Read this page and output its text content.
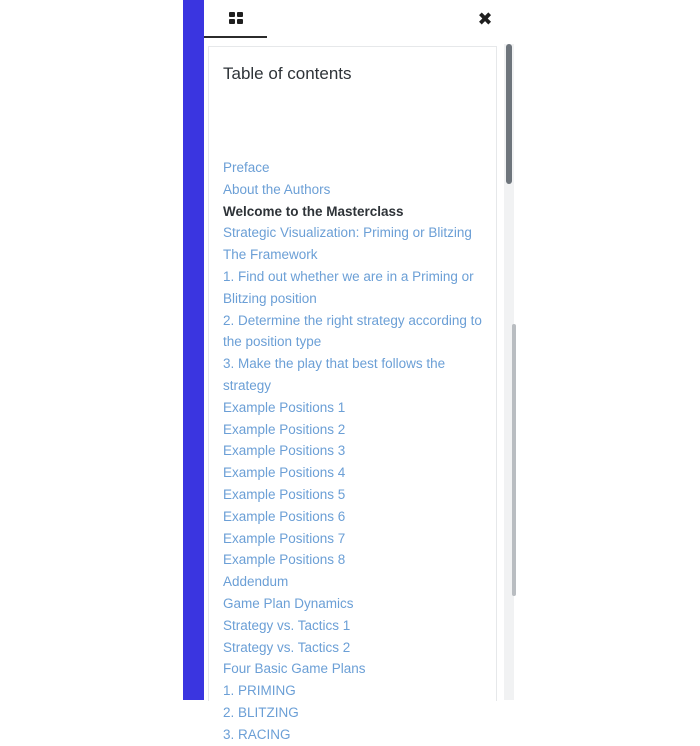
✖
Table of contents
Preface
About the Authors
Welcome to the Masterclass
Strategic Visualization: Priming or Blitzing
The Framework
1. Find out whether we are in a Priming or Blitzing position
2. Determine the right strategy according to the position type
3. Make the play that best follows the strategy
Example Positions 1
Example Positions 2
Example Positions 3
Example Positions 4
Example Positions 5
Example Positions 6
Example Positions 7
Example Positions 8
Addendum
Game Plan Dynamics
Strategy vs. Tactics 1
Strategy vs. Tactics 2
Four Basic Game Plans
1. PRIMING
2. BLITZING
3. RACING
